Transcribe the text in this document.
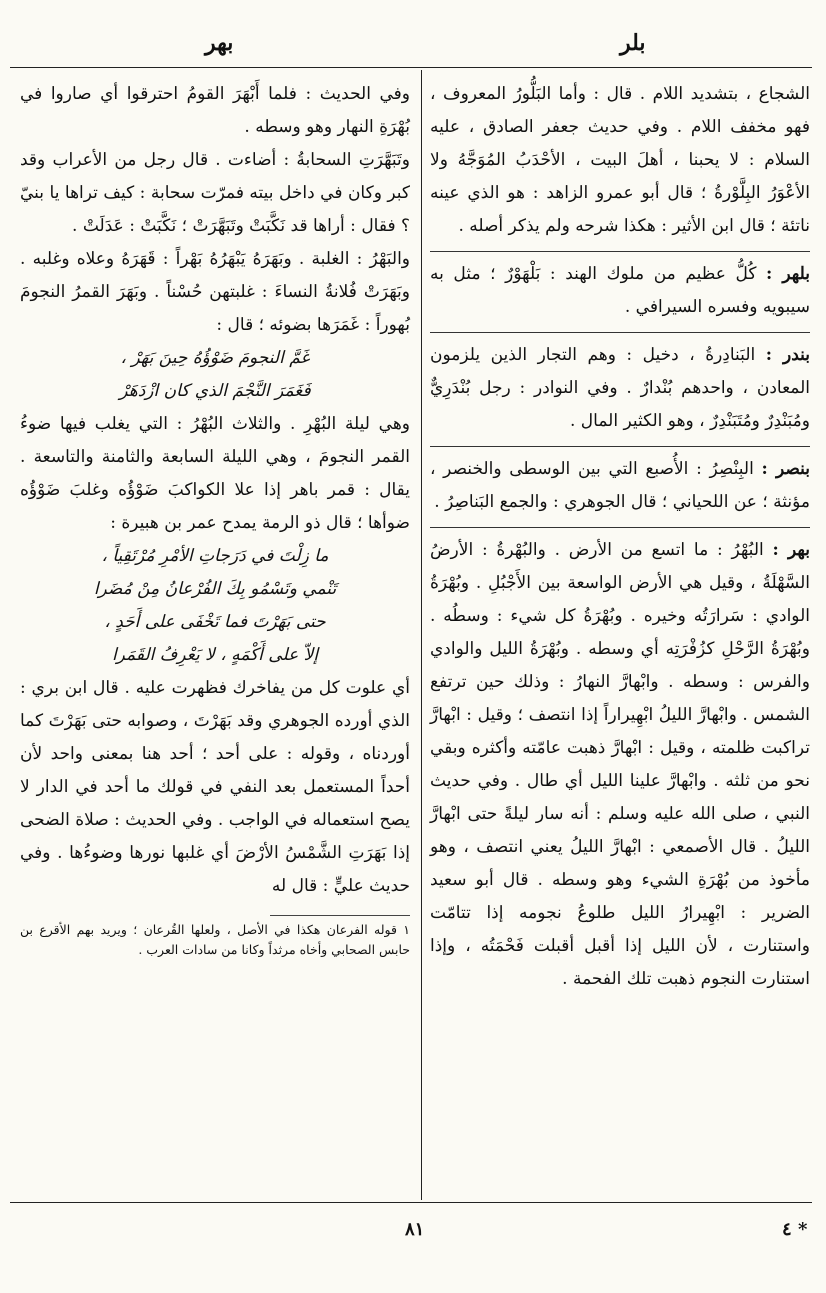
بهر	بلر

الشجاع ، بتشديد اللام . قال : وأما البَلُّورُ المعروف ، فهو مخفف اللام . وفي حديث جعفر الصادق ، عليه السلام : لا يحبنا ، أهلَ البيت ، الأحْدَبُ المُوَجَّهُ ولا الأعْوَرُ البِلَّوْرةُ ؛ قال أبو عمرو الزاهد : هو الذي عينه ناتئة ؛ قال ابن الأثير : هكذا شرحه ولم يذكر أصله .

بلهر : كُلُّ عظيم من ملوك الهند : بَلْهَوْرٌ ؛ مثل به سيبويه وفسره السيرافي .

بندر : البَنادِرةُ ، دخيل : وهم التجار الذين يلزمون المعادن ، واحدهم بُنْدارٌ . وفي النوادر : رجل بُنْدَرِيٌّ ومُبَنْدِرٌ ومُتَبَنْدِرٌ ، وهو الكثير المال .

بنصر : البِنْصِرُ : الأُصبع التي بين الوسطى والخنصر ، مؤنثة ؛ عن اللحياني ؛ قال الجوهري : والجمع البَناصِرُ .

بهر : البُهْرُ : ما اتسع من الأرض . والبُهْرةُ : الأرضُ السَّهْلَةُ ، وقيل هي الأرض الواسعة بين الأَجْبُلِ . وبُهْرَةُ الوادي : سَرارَتُه وخيره . وبُهْرَةُ كل شيء : وسطُه . وبُهْرَةُ الرَّحْلِ كزُفْرَتِه أي وسطه . وبُهْرَةُ الليل والوادي والفرس : وسطه . وابْهارَّ النهارُ : وذلك حين ترتفع الشمس . وابْهارَّ الليلُ ابْهِيراراً إذا انتصف ؛ وقيل : ابْهارَّ تراكبت ظلمته ، وقيل : ابْهارَّ ذهبت عامّته وأكثره وبقي نحو من ثلثه . وابْهارَّ علينا الليل أي طال . وفي حديث النبي ، صلى الله عليه وسلم : أنه سار ليلةً حتى ابْهارَّ الليلُ . قال الأصمعي : ابْهارَّ الليلُ يعني انتصف ، وهو مأخوذ من بُهْرَةِ الشيء وهو وسطه . قال أبو سعيد الضرير : ابْهِيرارُ الليل طلوعُ نجومه إذا تتامّت واستنارت ، لأن الليل إذا أقبل أقبلت فَحْمَتُه ، وإذا استنارت النجوم ذهبت تلك الفحمة .

وفي الحديث : فلما أَبْهَرَ القومُ احترقوا أي صاروا في بُهْرَةِ النهار وهو وسطه .

وتَبَهَّرَتِ السحابةُ : أضاءت . قال رجل من الأعراب وقد كبر وكان في داخل بيته فمرّت سحابة : كيف تراها يا بنيّ ؟ فقال : أراها قد نَكَّبَتْ وتَبَهَّرَتْ ؛ نَكَّبَتْ : عَدَلَتْ .

والبَهْرُ : الغلبة . وبَهَرَهُ يَبْهَرُهُ بَهْراً : قَهَرَهُ وعلاه وغلبه . وبَهَرَتْ فُلانةُ النساءَ : غلبتهن حُسْناً . وبَهَرَ القمرُ النجومَ بُهوراً : غَمَرَها بضوئه ؛ قال :

غَمَّ النجومَ ضَوْؤُهُ حِينَ بَهَرْ ،

فَغَمَرَ النَّجْمَ الذي كان ازْدَهَرْ

وهي ليلة البُهْرِ . والثلاث البُهْرُ : التي يغلب فيها ضوءُ القمر النجومَ ، وهي الليلة السابعة والثامنة والتاسعة . يقال : قمر باهر إذا علا الكواكبَ ضَوْؤُه وغلبَ ضَوْؤُه ضوأها ؛ قال ذو الرمة يمدح عمر بن هبيرة :

ما زِلْتَ في دَرَجاتِ الأمْرِ مُرْتَقِياً ،

تَنْمي وتَسْمُو بِكَ الفُرْعانُ مِنْ مُضَرا

حتى بَهَرْتَ فما تَخْفَى على أَحَدٍ ،

إلاّ على أَكْمَهٍ ، لا يَعْرِفُ القَمَرا

أي علوت كل من يفاخرك فظهرت عليه . قال ابن بري : الذي أورده الجوهري وقد بَهَرْتَ ، وصوابه حتى بَهَرْتَ كما أوردناه ، وقوله : على أحد ؛ أحد هنا بمعنى واحد لأن أحداً المستعمل بعد النفي في قولك ما أحد في الدار لا يصح استعماله في الواجب . وفي الحديث : صلاة الضحى إذا بَهَرَتِ الشَّمْسُ الأرْضَ أي غلبها نورها وضوءُها . وفي حديث عليٍّ : قال له

١ قوله الفرعان هكذا في الأصل ، ولعلها القُرعان ؛ ويريد بهم الأقرع بن حابس الصحابي وأخاه مرثداً وكانا من سادات العرب .

٨١	٤ *
